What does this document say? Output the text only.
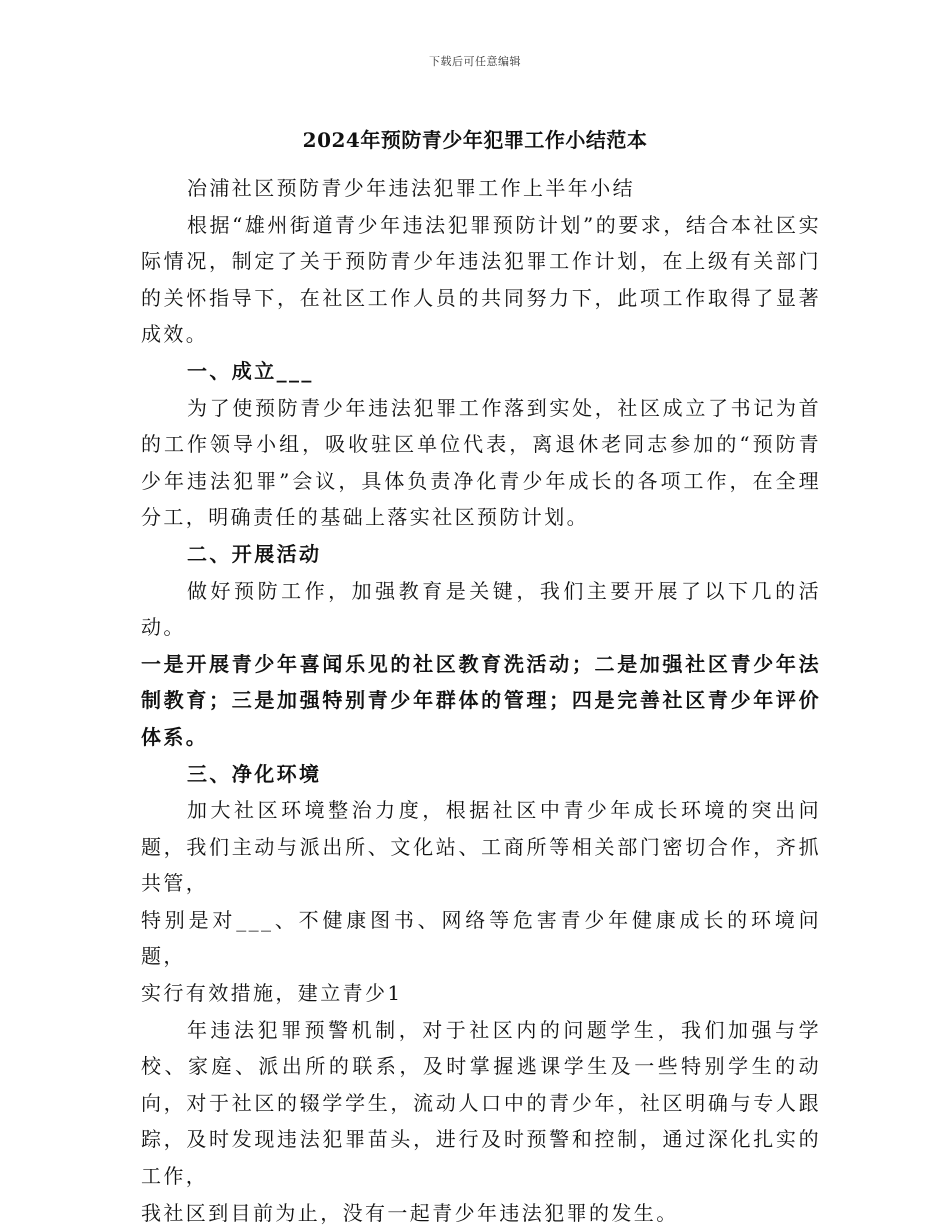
下载后可任意编辑
2024年预防青少年犯罪工作小结范本

冶浦社区预防青少年违法犯罪工作上半年小结

根据“雄州街道青少年违法犯罪预防计划”的要求，结合本社区实际情况，制定了关于预防青少年违法犯罪工作计划，在上级有关部门的关怀指导下，在社区工作人员的共同努力下，此项工作取得了显著成效。

一、成立___

为了使预防青少年违法犯罪工作落到实处，社区成立了书记为首的工作领导小组，吸收驻区单位代表，离退休老同志参加的“预防青少年违法犯罪”会议，具体负责净化青少年成长的各项工作，在全理分工，明确责任的基础上落实社区预防计划。

二、开展活动

做好预防工作，加强教育是关键，我们主要开展了以下几的活动。

一是开展青少年喜闻乐见的社区教育洗活动；二是加强社区青少年法制教育；三是加强特别青少年群体的管理；四是完善社区青少年评价体系。

三、净化环境

加大社区环境整治力度，根据社区中青少年成长环境的突出问题，我们主动与派出所、文化站、工商所等相关部门密切合作，齐抓共管，

特别是对___、不健康图书、网络等危害青少年健康成长的环境问题，

实行有效措施，建立青少1

年违法犯罪预警机制，对于社区内的问题学生，我们加强与学校、家庭、派出所的联系，及时掌握逃课学生及一些特别学生的动向，对于社区的辍学学生，流动人口中的青少年，社区明确与专人跟踪，及时发现违法犯罪苗头，进行及时预警和控制，通过深化扎实的工作，

我社区到目前为止，没有一起青少年违法犯罪的发生。
